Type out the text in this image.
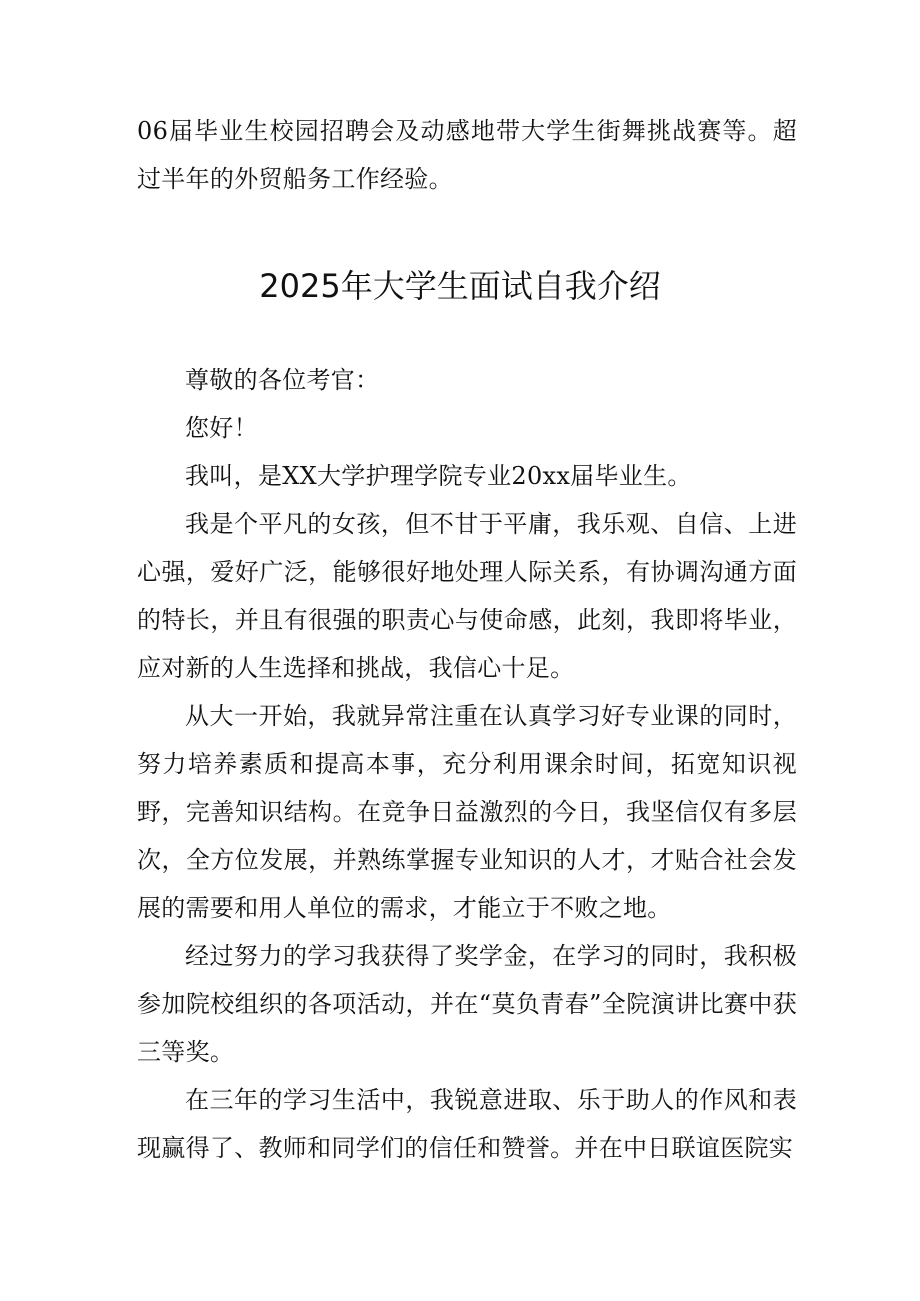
06届毕业生校园招聘会及动感地带大学生街舞挑战赛等。超过半年的外贸船务工作经验。

2025年大学生面试自我介绍

尊敬的各位考官：

您好！

我叫，是XX大学护理学院专业20xx届毕业生。

我是个平凡的女孩，但不甘于平庸，我乐观、自信、上进心强，爱好广泛，能够很好地处理人际关系，有协调沟通方面的特长，并且有很强的职责心与使命感，此刻，我即将毕业，应对新的人生选择和挑战，我信心十足。

从大一开始，我就异常注重在认真学习好专业课的同时，努力培养素质和提高本事，充分利用课余时间，拓宽知识视野，完善知识结构。在竞争日益激烈的今日，我坚信仅有多层次，全方位发展，并熟练掌握专业知识的人才，才贴合社会发展的需要和用人单位的需求，才能立于不败之地。

经过努力的学习我获得了奖学金，在学习的同时，我积极参加院校组织的各项活动，并在“莫负青春”全院演讲比赛中获三等奖。

在三年的学习生活中，我锐意进取、乐于助人的作风和表现赢得了、教师和同学们的信任和赞誉。并在中日联谊医院实
